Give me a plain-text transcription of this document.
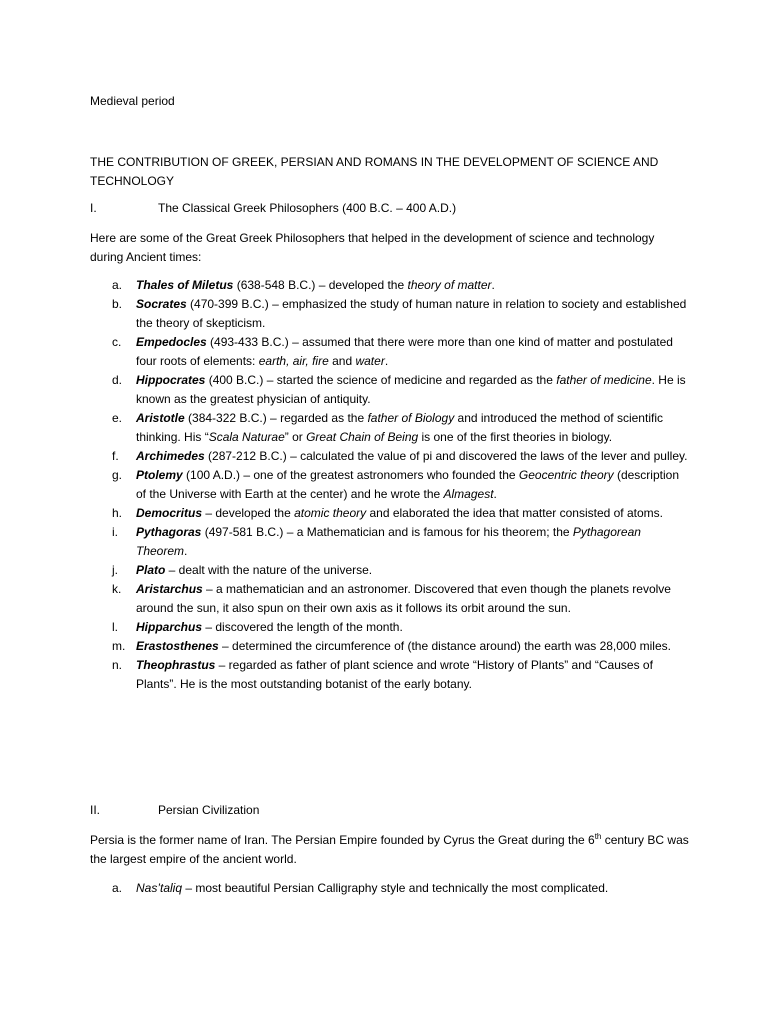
Medieval period
THE CONTRIBUTION OF GREEK, PERSIAN AND ROMANS IN THE DEVELOPMENT OF SCIENCE AND TECHNOLOGY
I.	The Classical Greek Philosophers (400 B.C. – 400 A.D.)
Here are some of the Great Greek Philosophers that helped in the development of science and technology during Ancient times:
a. Thales of Miletus (638-548 B.C.) – developed the theory of matter.
b. Socrates (470-399 B.C.) – emphasized the study of human nature in relation to society and established the theory of skepticism.
c. Empedocles (493-433 B.C.) – assumed that there were more than one kind of matter and postulated four roots of elements: earth, air, fire and water.
d. Hippocrates (400 B.C.) – started the science of medicine and regarded as the father of medicine. He is known as the greatest physician of antiquity.
e. Aristotle (384-322 B.C.) – regarded as the father of Biology and introduced the method of scientific thinking. His “Scala Naturae” or Great Chain of Being is one of the first theories in biology.
f. Archimedes (287-212 B.C.) – calculated the value of pi and discovered the laws of the lever and pulley.
g. Ptolemy (100 A.D.) – one of the greatest astronomers who founded the Geocentric theory (description of the Universe with Earth at the center) and he wrote the Almagest.
h. Democritus – developed the atomic theory and elaborated the idea that matter consisted of atoms.
i. Pythagoras (497-581 B.C.) – a Mathematician and is famous for his theorem; the Pythagorean Theorem.
j. Plato – dealt with the nature of the universe.
k. Aristarchus – a mathematician and an astronomer. Discovered that even though the planets revolve around the sun, it also spun on their own axis as it follows its orbit around the sun.
l. Hipparchus – discovered the length of the month.
m. Erastosthenes – determined the circumference of (the distance around) the earth was 28,000 miles.
n. Theophrastus – regarded as father of plant science and wrote “History of Plants” and “Causes of Plants”. He is the most outstanding botanist of the early botany.
II.	Persian Civilization
Persia is the former name of Iran. The Persian Empire founded by Cyrus the Great during the 6th century BC was the largest empire of the ancient world.
a. Nas’taliq – most beautiful Persian Calligraphy style and technically the most complicated.
